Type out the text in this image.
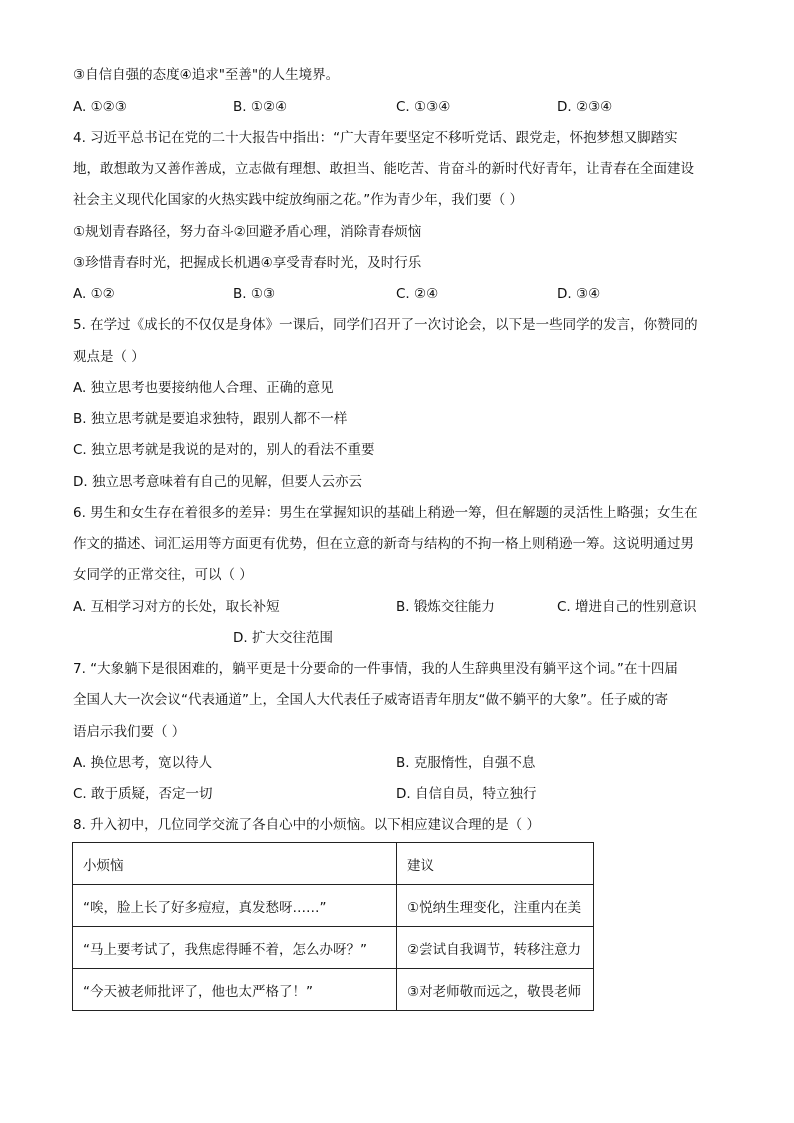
③自信自强的态度④追求"至善"的人生境界。
A. ①②③	B. ①②④	C. ①③④	D. ②③④
4. 习近平总书记在党的二十大报告中指出：“广大青年要坚定不移听党话、跟党走，怀抱梦想又脚踏实
地，敢想敢为又善作善成，立志做有理想、敢担当、能吃苦、肯奋斗的新时代好青年，让青春在全面建设
社会主义现代化国家的火热实践中绽放绚丽之花。”作为青少年，我们要（ ）
①规划青春路径，努力奋斗②回避矛盾心理，消除青春烦恼
③珍惜青春时光，把握成长机遇④享受青春时光，及时行乐
A. ①②	B. ①③	C. ②④	D. ③④
5. 在学过《成长的不仅仅是身体》一课后，同学们召开了一次讨论会，以下是一些同学的发言，你赞同的
观点是（ ）
A. 独立思考也要接纳他人合理、正确的意见
B. 独立思考就是要追求独特，跟别人都不一样
C. 独立思考就是我说的是对的，别人的看法不重要
D. 独立思考意味着有自己的见解，但要人云亦云
6. 男生和女生存在着很多的差异：男生在掌握知识的基础上稍逊一筹，但在解题的灵活性上略强；女生在
作文的描述、词汇运用等方面更有优势，但在立意的新奇与结构的不拘一格上则稍逊一筹。这说明通过男
女同学的正常交往，可以（ ）
A. 互相学习对方的长处，取长补短	B. 锻炼交往能力	C. 增进自己的性别意识
D. 扩大交往范围
7. “大象躺下是很困难的，躺平更是十分要命的一件事情，我的人生辞典里没有躺平这个词。”在十四届
全国人大一次会议“代表通道”上，全国人大代表任子威寄语青年朋友“做不躺平的大象”。任子威的寄
语启示我们要（ ）
A. 换位思考，宽以待人	B. 克服惰性，自强不息
C. 敢于质疑，否定一切	D. 自信自员，特立独行
8. 升入初中，几位同学交流了各自心中的小烦恼。以下相应建议合理的是（ ）
小烦恼	建议
“唉，脸上长了好多痘痘，真发愁呀……”	①悦纳生理变化，注重内在美
“马上要考试了，我焦虑得睡不着，怎么办呀？”	②尝试自我调节，转移注意力
“今天被老师批评了，他也太严格了！”	③对老师敬而远之，敬畏老师
